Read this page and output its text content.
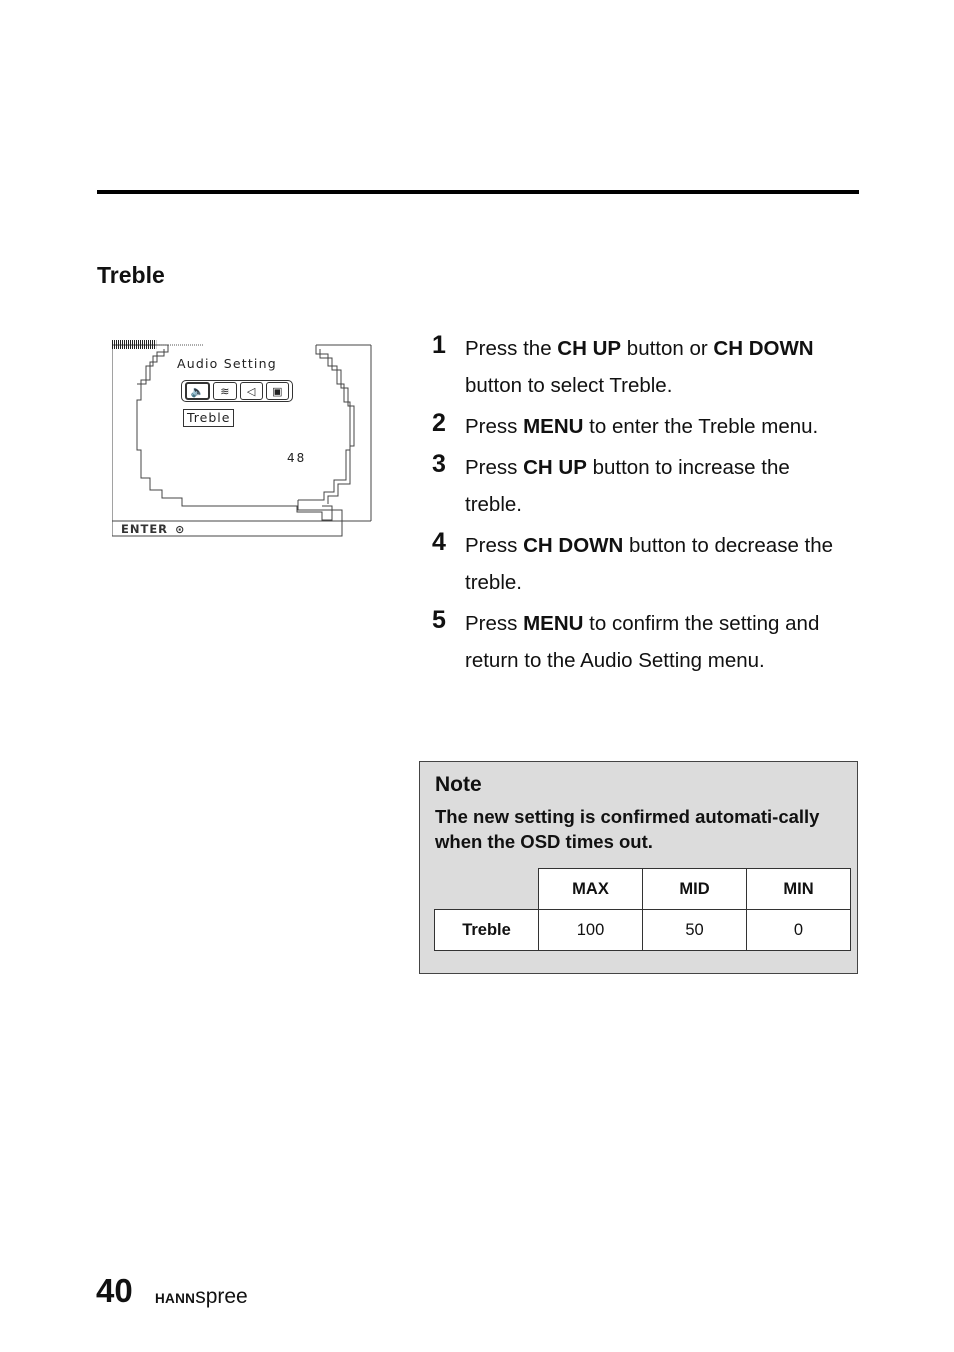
Treble
Audio Setting
🔈	≋	◁	▣
Treble
48
ENTER ⊙
1 Press the CH UP button or CH DOWN button to select Treble.
2 Press MENU to enter the Treble menu.
3 Press CH UP button to increase the treble.
4 Press CH DOWN button to decrease the treble.
5 Press MENU to confirm the setting and return to the Audio Setting menu.
Note
The new setting is confirmed automati-cally when the OSD times out.
	MAX	MID	MIN
Treble	100	50	0
40 HANNspree
